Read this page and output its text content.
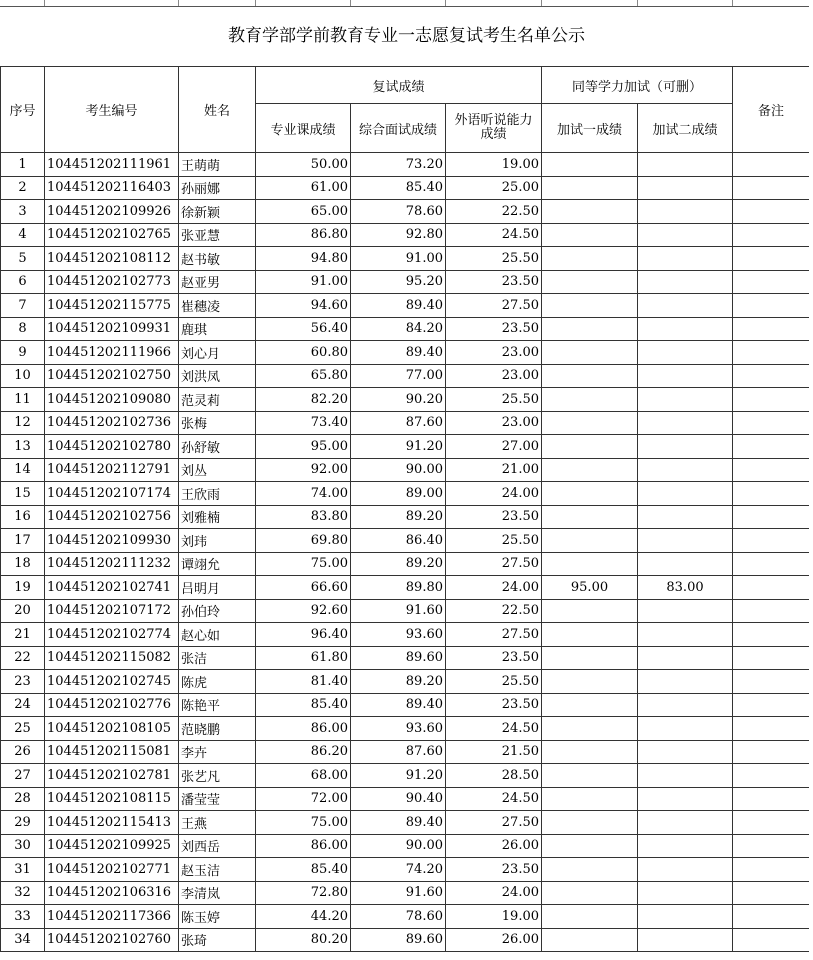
教育学部学前教育专业一志愿复试考生名单公示
序号	考生编号	姓名	复试成绩			同等学力加试（可删）		备注
			专业课成绩	综合面试成绩	外语听说能力成绩	加试一成绩	加试二成绩	
1	104451202111961	王萌萌	50.00	73.20	19.00			
2	104451202116403	孙丽娜	61.00	85.40	25.00			
3	104451202109926	徐新颖	65.00	78.60	22.50			
4	104451202102765	张亚慧	86.80	92.80	24.50			
5	104451202108112	赵书敏	94.80	91.00	25.50			
6	104451202102773	赵亚男	91.00	95.20	23.50			
7	104451202115775	崔穗凌	94.60	89.40	27.50			
8	104451202109931	鹿琪	56.40	84.20	23.50			
9	104451202111966	刘心月	60.80	89.40	23.00			
10	104451202102750	刘洪凤	65.80	77.00	23.00			
11	104451202109080	范灵莉	82.20	90.20	25.50			
12	104451202102736	张梅	73.40	87.60	23.00			
13	104451202102780	孙舒敏	95.00	91.20	27.00			
14	104451202112791	刘丛	92.00	90.00	21.00			
15	104451202107174	王欣雨	74.00	89.00	24.00			
16	104451202102756	刘雅楠	83.80	89.20	23.50			
17	104451202109930	刘玮	69.80	86.40	25.50			
18	104451202111232	谭翊允	75.00	89.20	27.50			
19	104451202102741	吕明月	66.60	89.80	24.00	95.00	83.00	
20	104451202107172	孙伯玲	92.60	91.60	22.50			
21	104451202102774	赵心如	96.40	93.60	27.50			
22	104451202115082	张洁	61.80	89.60	23.50			
23	104451202102745	陈虎	81.40	89.20	25.50			
24	104451202102776	陈艳平	85.40	89.40	23.50			
25	104451202108105	范晓鹏	86.00	93.60	24.50			
26	104451202115081	李卉	86.20	87.60	21.50			
27	104451202102781	张艺凡	68.00	91.20	28.50			
28	104451202108115	潘莹莹	72.00	90.40	24.50			
29	104451202115413	王燕	75.00	89.40	27.50			
30	104451202109925	刘西岳	86.00	90.00	26.00			
31	104451202102771	赵玉洁	85.40	74.20	23.50			
32	104451202106316	李清岚	72.80	91.60	24.00			
33	104451202117366	陈玉婷	44.20	78.60	19.00			
34	104451202102760	张琦	80.20	89.60	26.00			
